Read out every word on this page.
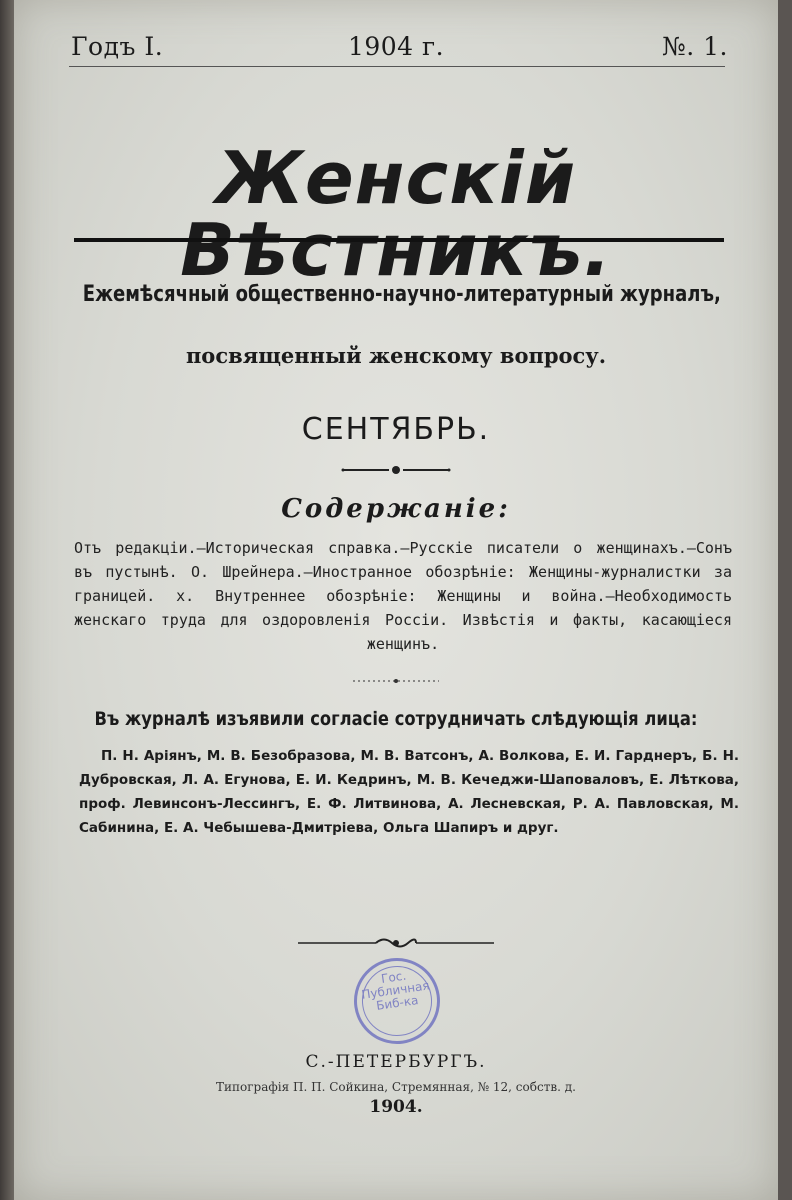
Годъ I.	1904 г.	№. 1.
Женскій Вѣстникъ.
Ежемѣсячный общественно-научно-литературный журналъ,
посвященный женскому вопросу.
СЕНТЯБРЬ.
Содержаніе:
Отъ редакціи.—Историческая справка.—Русскіе писатели о женщинахъ.—Сонъ въ пустынѣ. О. Шрейнера.—Иностранное обозрѣніе: Женщины-журналистки за границей. х. Внутреннее обозрѣніе: Женщины и война.—Необходимость женскаго труда для оздоровленія Россіи. Извѣстія и факты, касающіеся женщинъ.
Въ журналѣ изъявили согласіе сотрудничать слѣдующія лица:
П. Н. Аріянъ, М. В. Безобразова, М. В. Ватсонъ, А. Волкова, Е. И. Гарднеръ, Б. Н. Дубровская, Л. А. Егунова, Е. И. Кедринъ, М. В. Кечеджи-Шаповаловъ, Е. Лѣткова, проф. Левинсонъ-Лессингъ, Е. Ф. Литвинова, А. Лесневская, Р. А. Павловская, М. Сабинина, Е. А. Чебышева-Дмитріева, Ольга Шапиръ и друг.
Гос. Публичная Биб-ка
С.-ПЕТЕРБУРГЪ.
Типографія П. П. Сойкина, Стремянная, № 12, собств. д.
1904.
